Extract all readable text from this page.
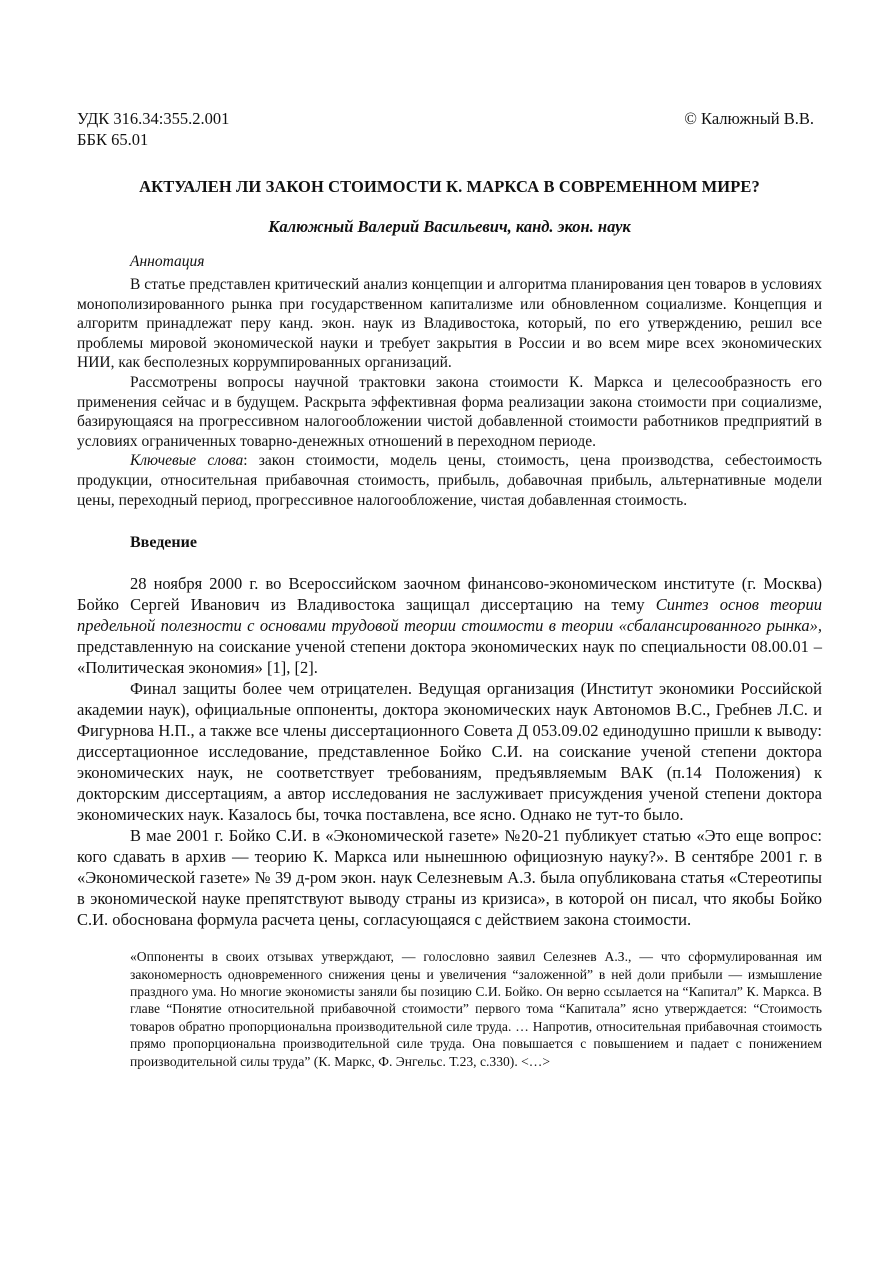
УДК 316.34:355.2.001
ББК 65.01
© Калюжный В.В.
АКТУАЛЕН ЛИ ЗАКОН СТОИМОСТИ К. МАРКСА В СОВРЕМЕННОМ МИРЕ?
Калюжный Валерий Васильевич, канд. экон. наук
Аннотация

В статье представлен критический анализ концепции и алгоритма планирования цен товаров в условиях монополизированного рынка при государственном капитализме или обновленном социализме. Концепция и алгоритм принадлежат перу канд. экон. наук из Владивостока, который, по его утверждению, решил все проблемы мировой экономической науки и требует закрытия в России и во всем мире всех экономических НИИ, как бесполезных коррумпированных организаций.

Рассмотрены вопросы научной трактовки закона стоимости К. Маркса и целесообразность его применения сейчас и в будущем. Раскрыта эффективная форма реализации закона стоимости при социализме, базирующаяся на прогрессивном налогообложении чистой добавленной стоимости работников предприятий в условиях ограниченных товарно-денежных отношений в переходном периоде.

Ключевые слова: закон стоимости, модель цены, стоимость, цена производства, себестоимость продукции, относительная прибавочная стоимость, прибыль, добавочная прибыль, альтернативные модели цены, переходный период, прогрессивное налогообложение, чистая добавленная стоимость.

Введение

28 ноября 2000 г. во Всероссийском заочном финансово-экономическом институте (г. Москва) Бойко Сергей Иванович из Владивостока защищал диссертацию на тему Синтез основ теории предельной полезности с основами трудовой теории стоимости в теории «сбалансированного рынка», представленную на соискание ученой степени доктора экономических наук по специальности 08.00.01 – «Политическая экономия» [1], [2].

Финал защиты более чем отрицателен. Ведущая организация (Институт экономики Российской академии наук), официальные оппоненты, доктора экономических наук Автономов В.С., Гребнев Л.С. и Фигурнова Н.П., а также все члены диссертационного Совета Д 053.09.02 единодушно пришли к выводу: диссертационное исследование, представленное Бойко С.И. на соискание ученой степени доктора экономических наук, не соответствует требованиям, предъявляемым ВАК (п.14 Положения) к докторским диссертациям, а автор исследования не заслуживает присуждения ученой степени доктора экономических наук. Казалось бы, точка поставлена, все ясно. Однако не тут-то было.

В мае 2001 г. Бойко С.И. в «Экономической газете» №20-21 публикует статью «Это еще вопрос: кого сдавать в архив — теорию К. Маркса или нынешнюю официозную науку?». В сентябре 2001 г. в «Экономической газете» № 39 д-ром экон. наук Селезневым А.З. была опубликована статья «Стереотипы в экономической науке препятствуют выводу страны из кризиса», в которой он писал, что якобы Бойко С.И. обоснована формула расчета цены, согласующаяся с действием закона стоимости.

«Оппоненты в своих отзывах утверждают, — голословно заявил Селезнев А.З., — что сформулированная им закономерность одновременного снижения цены и увеличения “заложенной” в ней доли прибыли — измышление праздного ума. Но многие экономисты заняли бы позицию С.И. Бойко. Он верно ссылается на “Капитал” К. Маркса. В главе “Понятие относительной прибавочной стоимости” первого тома “Капитала” ясно утверждается: “Стоимость товаров обратно пропорциональна производительной силе труда. … Напротив, относительная прибавочная стоимость прямо пропорциональна производительной силе труда. Она повышается с повышением и падает с понижением производительной силы труда” (К. Маркс, Ф. Энгельс. Т.23, с.330). <…>
